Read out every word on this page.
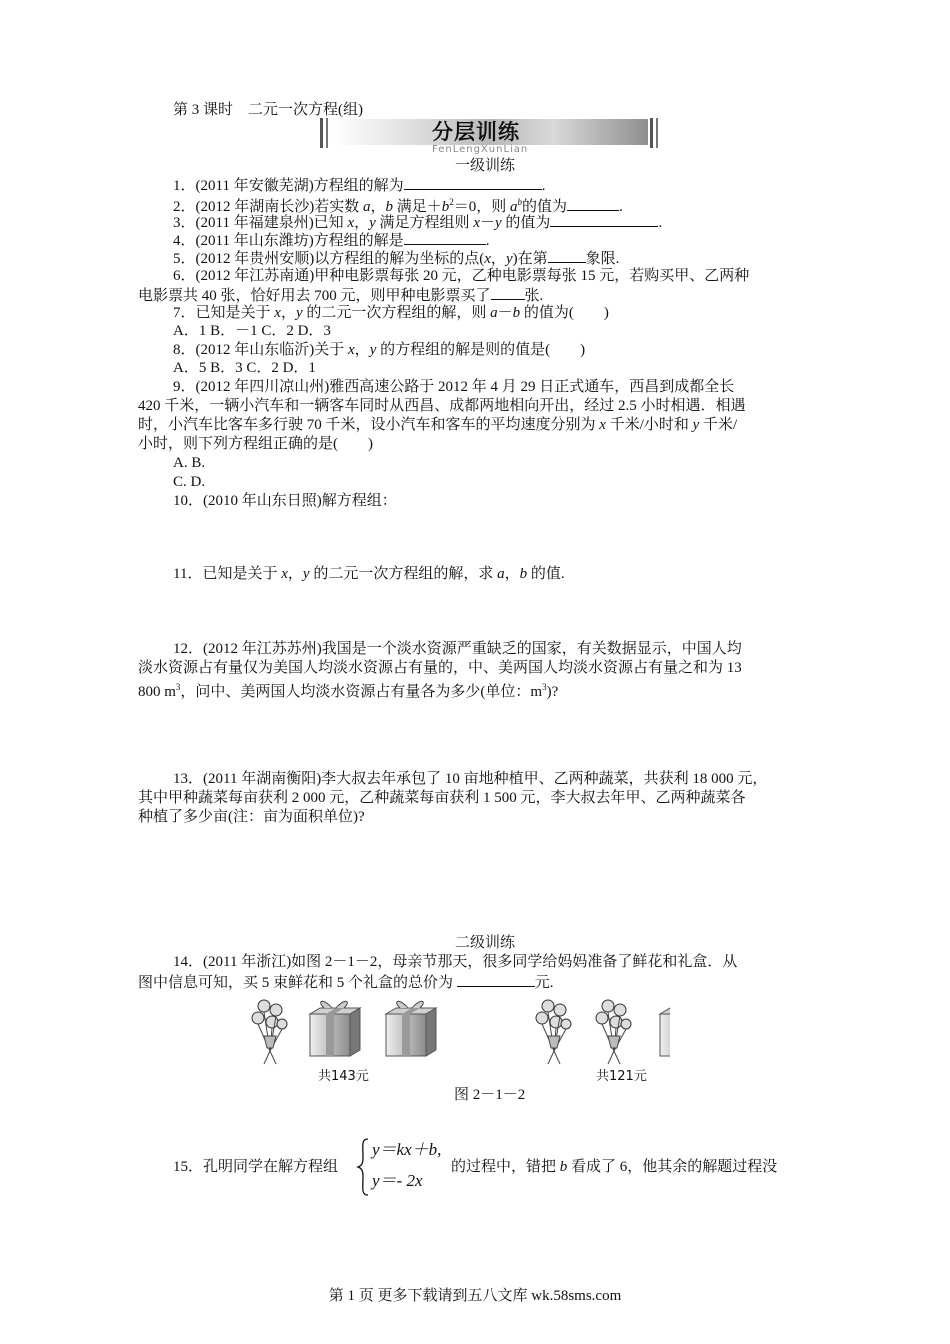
第 3 课时　二元一次方程(组)
分层训练
FenLengXunLian
一级训练
1．(2011 年安徽芜湖)方程组的解为	.
2．(2012 年湖南长沙)若实数 a，b 满足$+b^2=0$，则 $a^b$的值为	.
3．(2011 年福建泉州)已知 x，y 满足方程组则 x－y 的值为	.
4．(2011 年山东潍坊)方程组的解是	.
5．(2012 年贵州安顺)以方程组的解为坐标的点(x，y)在第	象限.
6．(2012 年江苏南通)甲种电影票每张 20 元，乙种电影票每张 15 元，若购买甲、乙两种
电影票共 40 张，恰好用去 700 元，则甲种电影票买了 张.
7．已知是关于 x，y 的二元一次方程组的解，则 a－b 的值为(　　)
A．1 B．－1 C．2 D．3
8．(2012 年山东临沂)关于 x，y 的方程组的解是则的值是(　　)
A．5 B．3 C．2 D．1
9．(2012 年四川凉山州)雅西高速公路于 2012 年 4 月 29 日正式通车，西昌到成都全长
420 千米，一辆小汽车和一辆客车同时从西昌、成都两地相向开出，经过 2.5 小时相遇．相遇
时，小汽车比客车多行驶 70 千米，设小汽车和客车的平均速度分别为 x 千米/小时和 y 千米/
小时，则下列方程组正确的是(　　)
A. B.
C. D.
10．(2010 年山东日照)解方程组：
11．已知是关于 x，y 的二元一次方程组的解，求 a，b 的值.
12．(2012 年江苏苏州)我国是一个淡水资源严重缺乏的国家，有关数据显示，中国人均
淡水资源占有量仅为美国人均淡水资源占有量的，中、美两国人均淡水资源占有量之和为 13
800 $m^3$，问中、美两国人均淡水资源占有量各为多少(单位：$m^3$)?
13．(2011 年湖南衡阳)李大叔去年承包了 10 亩地种植甲、乙两种蔬菜，共获利 18 000 元，
其中甲种蔬菜每亩获利 2 000 元，乙种蔬菜每亩获利 1 500 元，李大叔去年甲、乙两种蔬菜各
种植了多少亩(注：亩为面积单位)?
二级训练
14．(2011 年浙江)如图 2－1－2，母亲节那天，很多同学给妈妈准备了鲜花和礼盒．从
图中信息可知，买 5 束鲜花和 5 个礼盒的总价为	元.
共143元	共121元
图 2－1－2
15．孔明同学在解方程组
y＝kx＋b,
y＝- 2x
的过程中，错把 b 看成了 6，他其余的解题过程没
第 1 页 更多下载请到五八文库 wk.58sms.com
